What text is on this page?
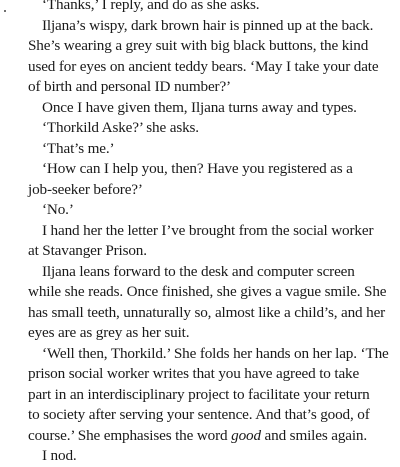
‘Thanks,’ I reply, and do as she asks.
Iljana’s wispy, dark brown hair is pinned up at the back.
She’s wearing a grey suit with big black buttons, the kind
used for eyes on ancient teddy bears. ‘May I take your date
of birth and personal ID number?’
Once I have given them, Iljana turns away and types.
‘Thorkild Aske?’ she asks.
‘That’s me.’
‘How can I help you, then? Have you registered as a
job-seeker before?’
‘No.’
I hand her the letter I’ve brought from the social worker
at Stavanger Prison.
Iljana leans forward to the desk and computer screen
while she reads. Once finished, she gives a vague smile. She
has small teeth, unnaturally so, almost like a child’s, and her
eyes are as grey as her suit.
‘Well then, Thorkild.’ She folds her hands on her lap. ‘The
prison social worker writes that you have agreed to take
part in an interdisciplinary project to facilitate your return
to society after serving your sentence. And that’s good, of
course.’ She emphasises the word good and smiles again.
I nod.
